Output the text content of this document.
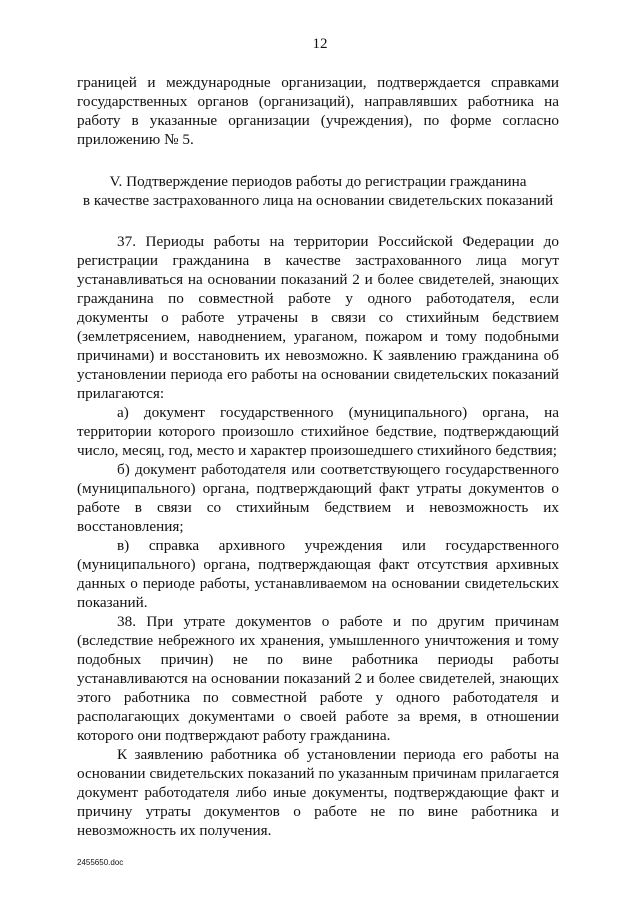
12

границей и международные организации, подтверждается справками государственных органов (организаций), направлявших работника на работу в указанные организации (учреждения), по форме согласно приложению № 5.

V. Подтверждение периодов работы до регистрации гражданина
в качестве застрахованного лица на основании свидетельских показаний

37. Периоды работы на территории Российской Федерации до регистрации гражданина в качестве застрахованного лица могут устанавливаться на основании показаний 2 и более свидетелей, знающих гражданина по совместной работе у одного работодателя, если документы о работе утрачены в связи со стихийным бедствием (землетрясением, наводнением, ураганом, пожаром и тому подобными причинами) и восстановить их невозможно. К заявлению гражданина об установлении периода его работы на основании свидетельских показаний прилагаются:

а) документ государственного (муниципального) органа, на территории которого произошло стихийное бедствие, подтверждающий число, месяц, год, место и характер произошедшего стихийного бедствия;

б) документ работодателя или соответствующего государственного (муниципального) органа, подтверждающий факт утраты документов о работе в связи со стихийным бедствием и невозможность их восстановления;

в) справка архивного учреждения или государственного (муниципального) органа, подтверждающая факт отсутствия архивных данных о периоде работы, устанавливаемом на основании свидетельских показаний.

38. При утрате документов о работе и по другим причинам (вследствие небрежного их хранения, умышленного уничтожения и тому подобных причин) не по вине работника периоды работы устанавливаются на основании показаний 2 и более свидетелей, знающих этого работника по совместной работе у одного работодателя и располагающих документами о своей работе за время, в отношении которого они подтверждают работу гражданина.

К заявлению работника об установлении периода его работы на основании свидетельских показаний по указанным причинам прилагается документ работодателя либо иные документы, подтверждающие факт и причину утраты документов о работе не по вине работника и невозможность их получения.

2455650.doc
